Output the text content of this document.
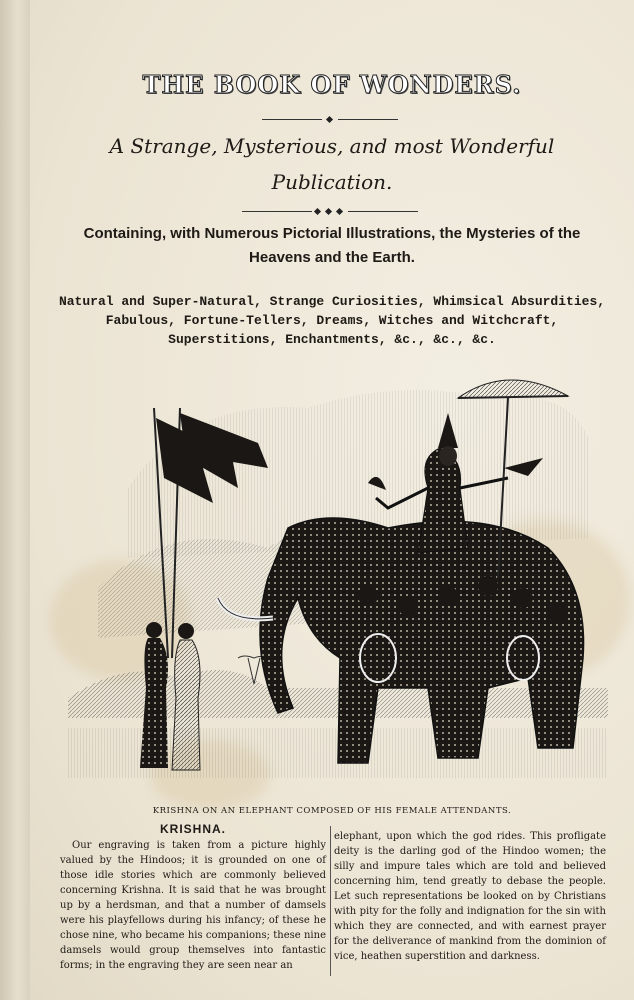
THE BOOK OF WONDERS.
A Strange, Mysterious, and most Wonderful
Publication.
Containing, with Numerous Pictorial Illustrations, the Mysteries of the
Heavens and the Earth.
Natural and Super-Natural, Strange Curiosities, Whimsical Absurdities,
Fabulous, Fortune-Tellers, Dreams, Witches and Witchcraft,
Superstitions, Enchantments, &c., &c., &c.
KRISHNA ON AN ELEPHANT COMPOSED OF HIS FEMALE ATTENDANTS.
KRISHNA.

Our engraving is taken from a picture highly valued by the Hindoos; it is grounded on one of those idle stories which are commonly believed concerning Krishna. It is said that he was brought up by a herdsman, and that a number of damsels were his playfellows during his infancy; of these he chose nine, who became his companions; these nine damsels would group themselves into fantastic forms; in the engraving they are seen near an

elephant, upon which the god rides. This profligate deity is the darling god of the Hindoo women; the silly and impure tales which are told and believed concerning him, tend greatly to debase the people. Let such representations be looked on by Christians with pity for the folly and indignation for the sin with which they are connected, and with earnest prayer for the deliverance of mankind from the dominion of vice, heathen superstition and darkness.
